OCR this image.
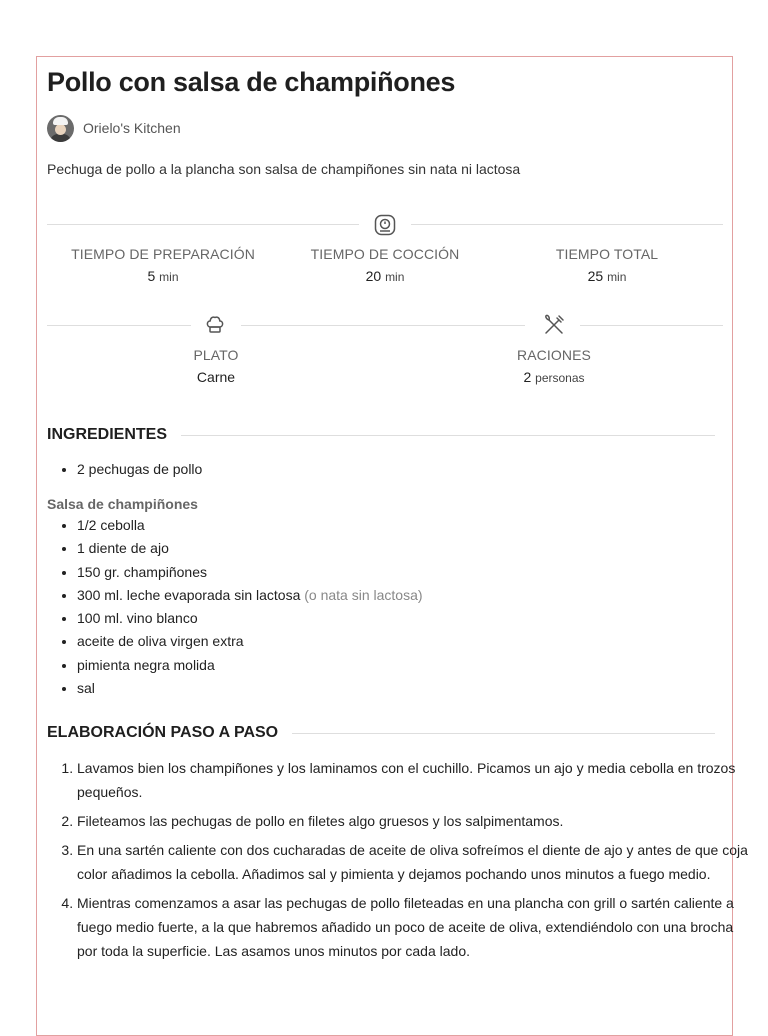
Pollo con salsa de champiñones
Orielo's Kitchen
Pechuga de pollo a la plancha son salsa de champiñones sin nata ni lactosa
TIEMPO DE PREPARACIÓN
5 min
TIEMPO DE COCCIÓN
20 min
TIEMPO TOTAL
25 min
PLATO
Carne
RACIONES
2 personas
INGREDIENTES
• 2 pechugas de pollo
Salsa de champiñones
• 1/2 cebolla
• 1 diente de ajo
• 150 gr. champiñones
• 300 ml. leche evaporada sin lactosa (o nata sin lactosa)
• 100 ml. vino blanco
• aceite de oliva virgen extra
• pimienta negra molida
• sal
ELABORACIÓN PASO A PASO
1. Lavamos bien los champiñones y los laminamos con el cuchillo. Picamos un ajo y media cebolla en trozos pequeños.
2. Fileteamos las pechugas de pollo en filetes algo gruesos y los salpimentamos.
3. En una sartén caliente con dos cucharadas de aceite de oliva sofreímos el diente de ajo y antes de que coja color añadimos la cebolla. Añadimos sal y pimienta y dejamos pochando unos minutos a fuego medio.
4. Mientras comenzamos a asar las pechugas de pollo fileteadas en una plancha con grill o sartén caliente a fuego medio fuerte, a la que habremos añadido un poco de aceite de oliva, extendiéndolo con una brocha por toda la superficie. Las asamos unos minutos por cada lado.
